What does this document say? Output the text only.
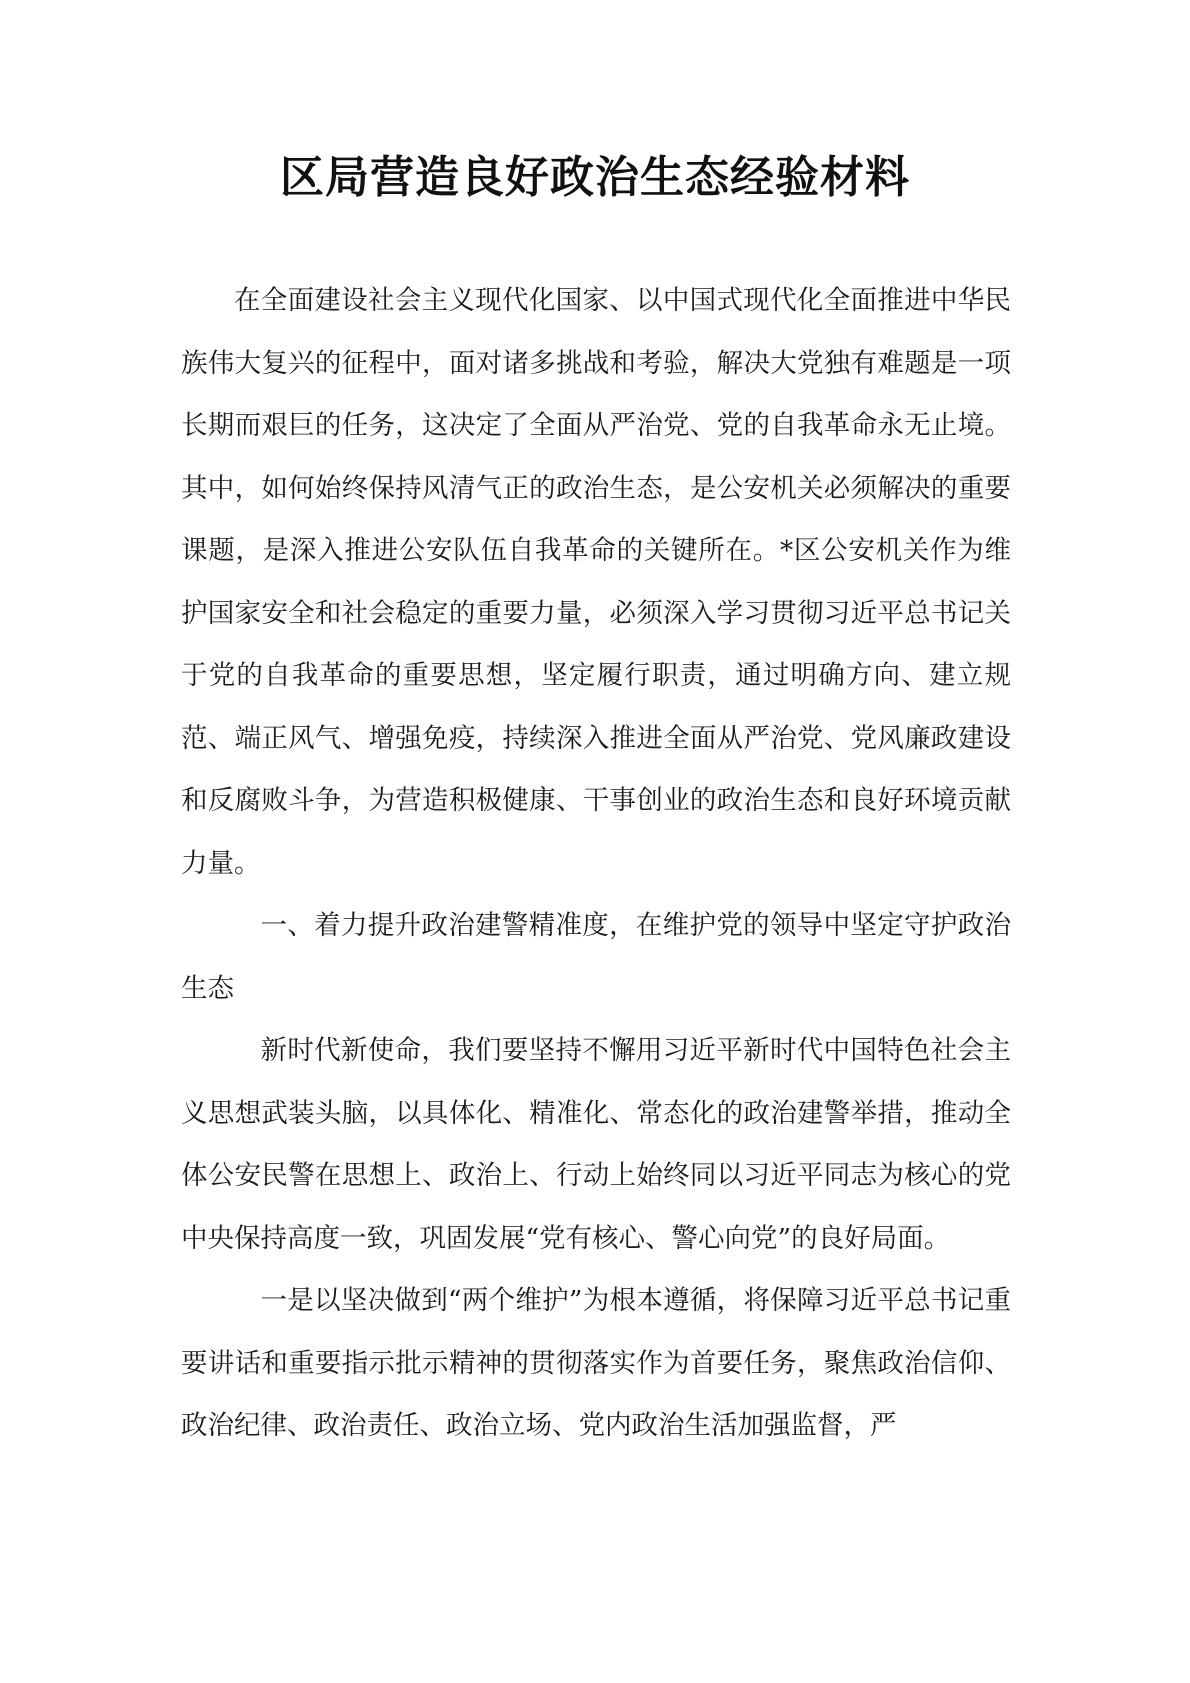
区局营造良好政治生态经验材料

在全面建设社会主义现代化国家、以中国式现代化全面推进中华民族伟大复兴的征程中，面对诸多挑战和考验，解决大党独有难题是一项长期而艰巨的任务，这决定了全面从严治党、党的自我革命永无止境。其中，如何始终保持风清气正的政治生态，是公安机关必须解决的重要课题，是深入推进公安队伍自我革命的关键所在。*区公安机关作为维护国家安全和社会稳定的重要力量，必须深入学习贯彻习近平总书记关于党的自我革命的重要思想，坚定履行职责，通过明确方向、建立规范、端正风气、增强免疫，持续深入推进全面从严治党、党风廉政建设和反腐败斗争，为营造积极健康、干事创业的政治生态和良好环境贡献力量。

一、着力提升政治建警精准度，在维护党的领导中坚定守护政治生态

新时代新使命，我们要坚持不懈用习近平新时代中国特色社会主义思想武装头脑，以具体化、精准化、常态化的政治建警举措，推动全体公安民警在思想上、政治上、行动上始终同以习近平同志为核心的党中央保持高度一致，巩固发展“党有核心、警心向党”的良好局面。

一是以坚决做到“两个维护”为根本遵循，将保障习近平总书记重要讲话和重要指示批示精神的贯彻落实作为首要任务，聚焦政治信仰、政治纪律、政治责任、政治立场、党内政治生活加强监督，严
